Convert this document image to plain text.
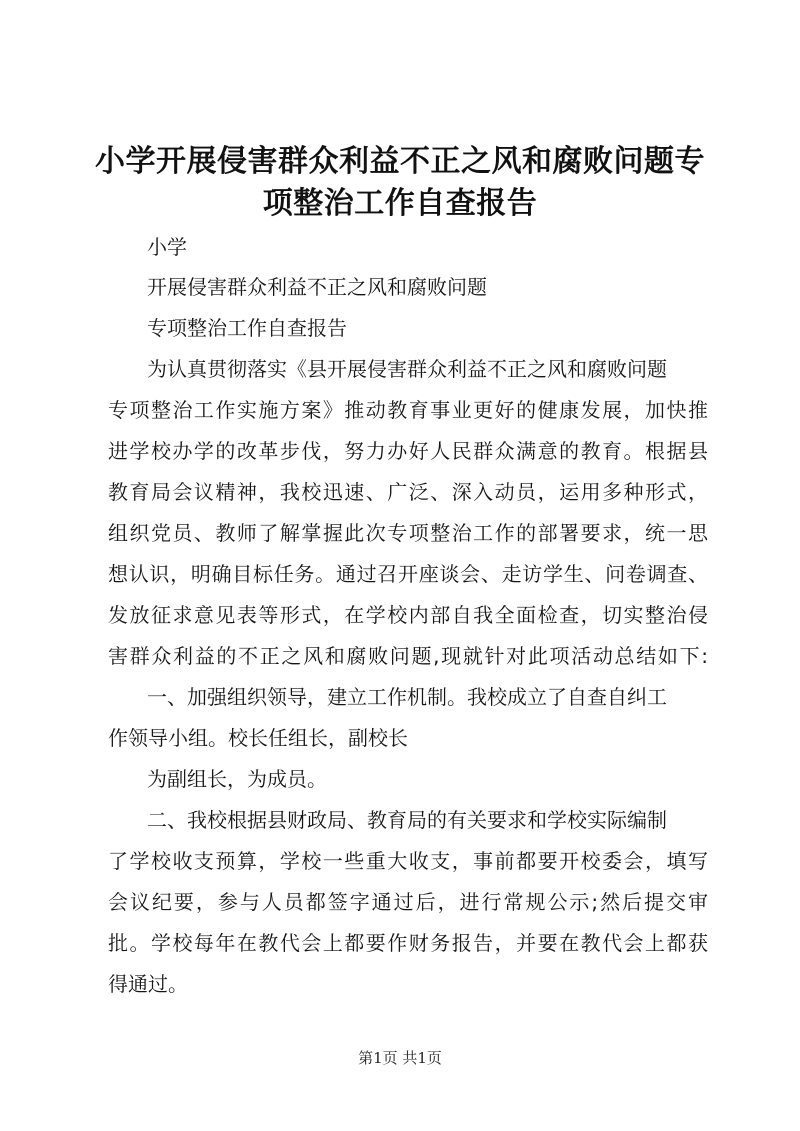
小学开展侵害群众利益不正之风和腐败问题专
项整治工作自查报告
小学
开展侵害群众利益不正之风和腐败问题
专项整治工作自查报告
为认真贯彻落实《县开展侵害群众利益不正之风和腐败问题
专项整治工作实施方案》推动教育事业更好的健康发展，加快推
进学校办学的改革步伐，努力办好人民群众满意的教育。根据县
教育局会议精神，我校迅速、广泛、深入动员，运用多种形式，
组织党员、教师了解掌握此次专项整治工作的部署要求，统一思
想认识，明确目标任务。通过召开座谈会、走访学生、问卷调查、
发放征求意见表等形式，在学校内部自我全面检查，切实整治侵
害群众利益的不正之风和腐败问题,现就针对此项活动总结如下:
一、加强组织领导，建立工作机制。我校成立了自查自纠工
作领导小组。校长任组长，副校长
为副组长，为成员。
二、我校根据县财政局、教育局的有关要求和学校实际编制
了学校收支预算，学校一些重大收支，事前都要开校委会，填写
会议纪要，参与人员都签字通过后，进行常规公示;然后提交审
批。学校每年在教代会上都要作财务报告，并要在教代会上都获
得通过。
第1页 共1页
